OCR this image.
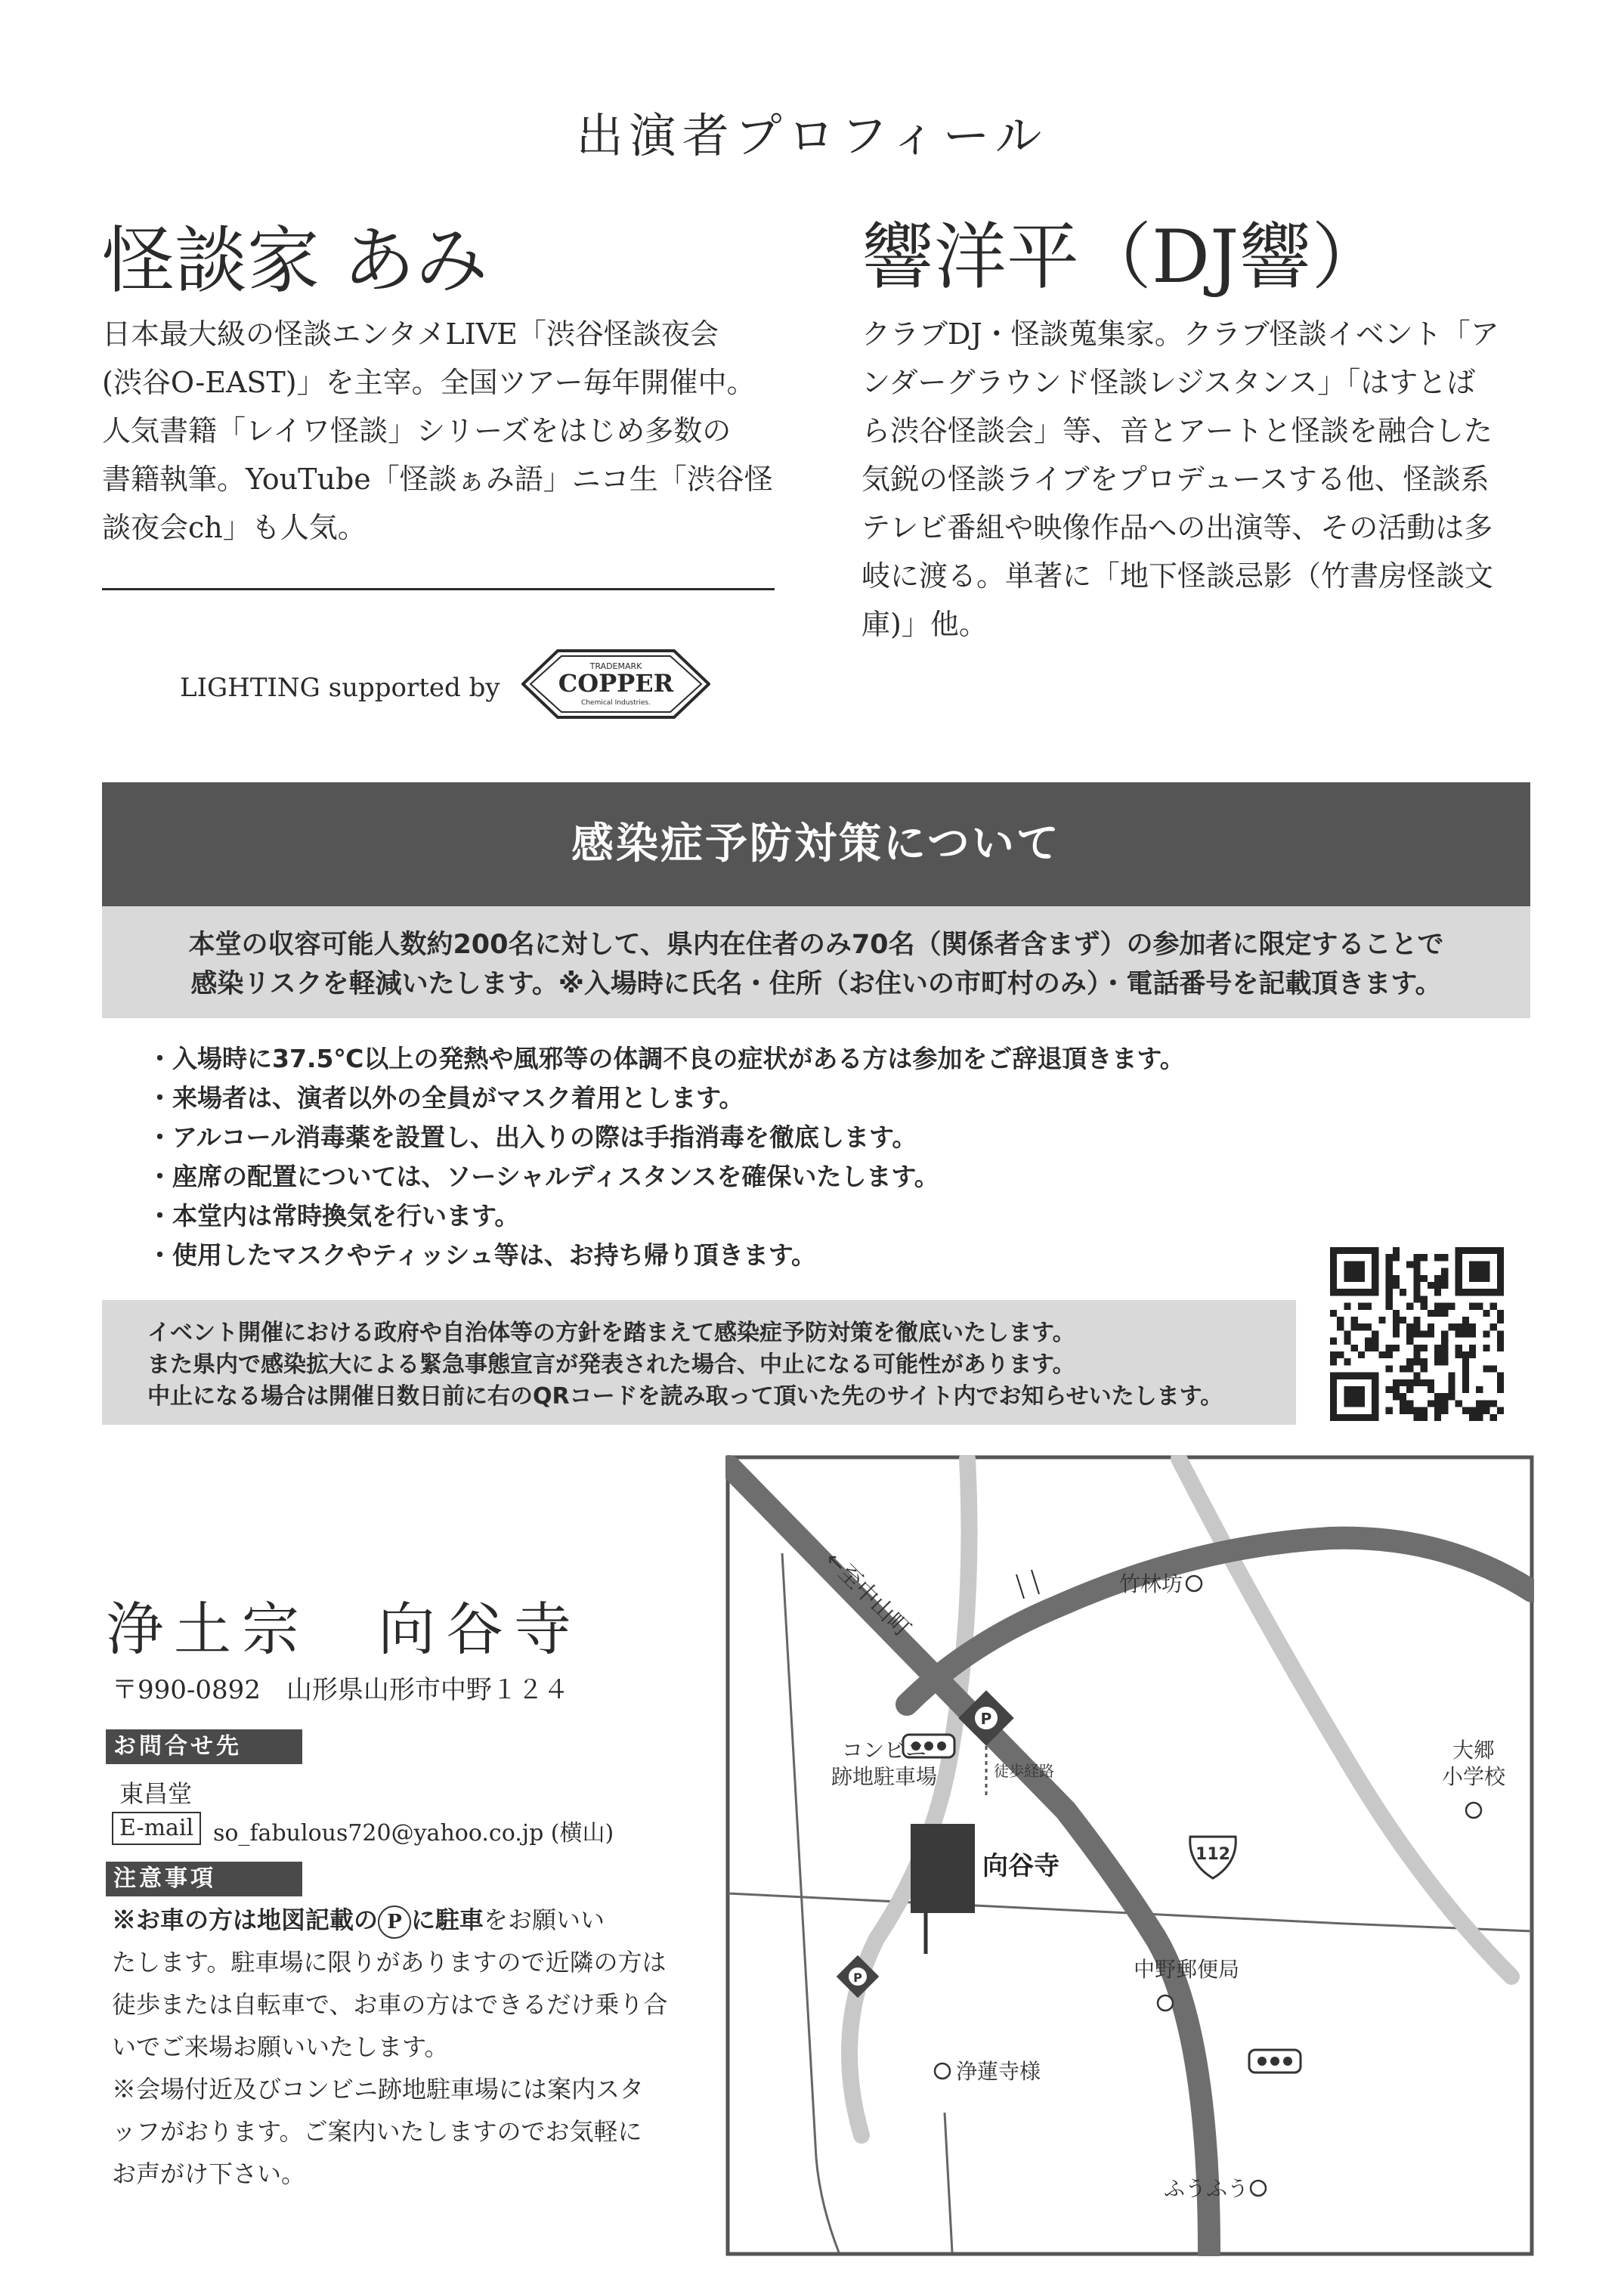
出演者プロフィール
怪談家 あみ
日本最大級の怪談エンタメLIVE「渋谷怪談夜会
(渋谷O-EAST)」を主宰。全国ツアー毎年開催中。
人気書籍「レイワ怪談」シリーズをはじめ多数の
書籍執筆。YouTube「怪談ぁみ語」ニコ生「渋谷怪
談夜会ch」も人気。
響洋平（DJ響）
クラブDJ・怪談蒐集家。クラブ怪談イベント「ア
ンダーグラウンド怪談レジスタンス」「はすとば
ら渋谷怪談会」等、音とアートと怪談を融合した
気鋭の怪談ライブをプロデュースする他、怪談系
テレビ番組や映像作品への出演等、その活動は多
岐に渡る。単著に「地下怪談忌影（竹書房怪談文
庫)」他。
LIGHTING supported by
TRADEMARK
COPPER
Chemical Industries.
感染症予防対策について
本堂の収容可能人数約200名に対して、県内在住者のみ70名（関係者含まず）の参加者に限定することで
感染リスクを軽減いたします。※入場時に氏名・住所（お住いの市町村のみ）・電話番号を記載頂きます。
・入場時に37.5℃以上の発熱や風邪等の体調不良の症状がある方は参加をご辞退頂きます。
・来場者は、演者以外の全員がマスク着用とします。
・アルコール消毒薬を設置し、出入りの際は手指消毒を徹底します。
・座席の配置については、ソーシャルディスタンスを確保いたします。
・本堂内は常時換気を行います。
・使用したマスクやティッシュ等は、お持ち帰り頂きます。
イベント開催における政府や自治体等の方針を踏まえて感染症予防対策を徹底いたします。
また県内で感染拡大による緊急事態宣言が発表された場合、中止になる可能性があります。
中止になる場合は開催日数日前に右のQRコードを読み取って頂いた先のサイト内でお知らせいたします。
浄土宗　向谷寺
〒990-0892　山形県山形市中野１２４
お問合せ先
東昌堂
E-mail so_fabulous720@yahoo.co.jp (横山)
注意事項
※お車の方は地図記載の P に駐車をお願いい
たします。駐車場に限りがありますので近隣の方は
徒歩または自転車で、お車の方はできるだけ乗り合
いでご来場お願いいたします。
※会場付近及びコンビニ跡地駐車場には案内スタ
ッフがおります。ご案内いたしますのでお気軽に
お声がけ下さい。
112
P
P
←至中山町	竹林坊
大郷
小学校
コンビニ
跡地駐車場	徒歩経路
向谷寺
中野郵便局
浄蓮寺様
ふうふう
